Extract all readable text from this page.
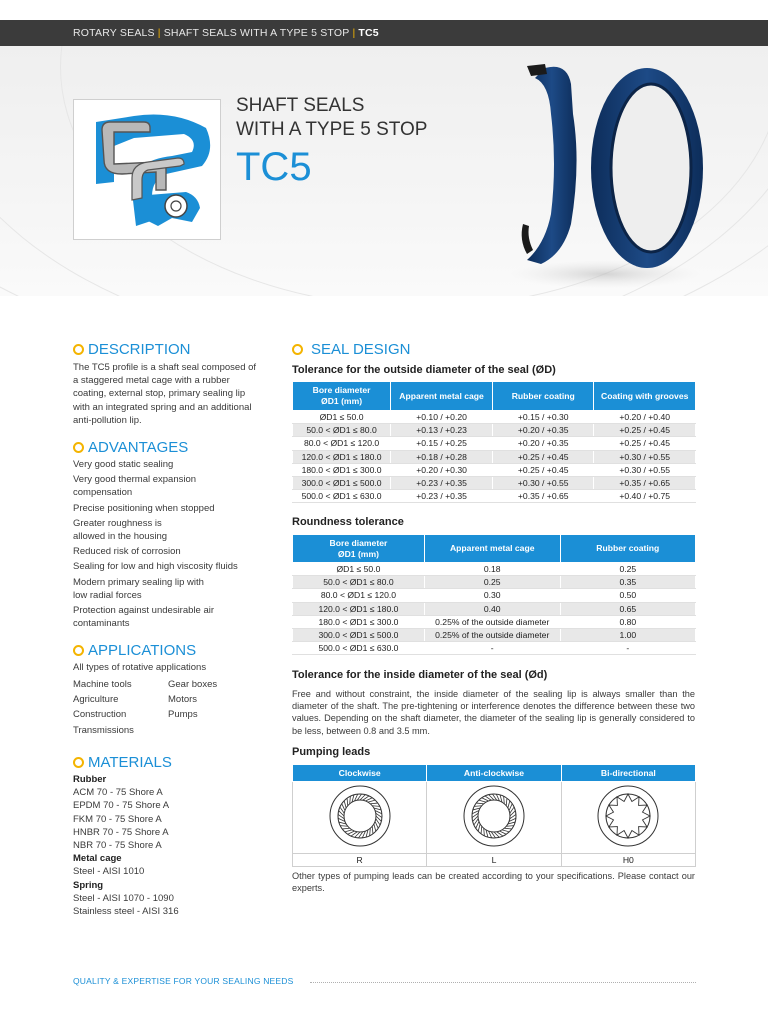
ROTARY SEALS | SHAFT SEALS WITH A TYPE 5 STOP | TC5
SHAFT SEALS
WITH A TYPE 5 STOP
TC5
DESCRIPTION
The TC5 profile is a shaft seal composed of a staggered metal cage with a rubber coating, external stop, primary sealing lip with an integrated spring and an additional anti-pollution lip.
ADVANTAGES
Very good static sealing
Very good thermal expansion compensation
Precise positioning when stopped
Greater roughness is allowed in the housing
Reduced risk of corrosion
Sealing for low and high viscosity fluids
Modern primary sealing lip with low radial forces
Protection against undesirable air contaminants
APPLICATIONS
All types of rotative applications
Machine tools	Gear boxes
Agriculture	Motors
Construction	Pumps
Transmissions
MATERIALS
Rubber
ACM 70 - 75 Shore A
EPDM 70 - 75 Shore A
FKM 70 - 75 Shore A
HNBR 70 - 75 Shore A
NBR 70 - 75 Shore A
Metal cage
Steel - AISI 1010
Spring
Steel - AISI 1070 - 1090
Stainless steel - AISI 316
SEAL DESIGN
Tolerance for the outside diameter of the seal (ØD)
Bore diameter
ØD1 (mm)	Apparent metal cage	Rubber coating	Coating with grooves
ØD1 ≤ 50.0	+0.10 / +0.20	+0.15 / +0.30	+0.20 / +0.40
50.0 < ØD1 ≤ 80.0	+0.13 / +0.23	+0.20 / +0.35	+0.25 / +0.45
80.0 < ØD1 ≤ 120.0	+0.15 / +0.25	+0.20 / +0.35	+0.25 / +0.45
120.0 < ØD1 ≤ 180.0	+0.18 / +0.28	+0.25 / +0.45	+0.30 / +0.55
180.0 < ØD1 ≤ 300.0	+0.20 / +0.30	+0.25 / +0.45	+0.30 / +0.55
300.0 < ØD1 ≤ 500.0	+0.23 / +0.35	+0.30 / +0.55	+0.35 / +0.65
500.0 < ØD1 ≤ 630.0	+0.23 / +0.35	+0.35 / +0.65	+0.40 / +0.75
Roundness tolerance
Bore diameter
ØD1 (mm)	Apparent metal cage	Rubber coating
ØD1 ≤ 50.0	0.18	0.25
50.0 < ØD1 ≤ 80.0	0.25	0.35
80.0 < ØD1 ≤ 120.0	0.30	0.50
120.0 < ØD1 ≤ 180.0	0.40	0.65
180.0 < ØD1 ≤ 300.0	0.25% of the outside diameter	0.80
300.0 < ØD1 ≤ 500.0	0.25% of the outside diameter	1.00
500.0 < ØD1 ≤ 630.0	-	-
Tolerance for the inside diameter of the seal (Ød)
Free and without constraint, the inside diameter of the sealing lip is always smaller than the diameter of the shaft. The pre-tightening or interference denotes the difference between these two values. Depending on the shaft diameter, the diameter of the sealing lip is generally considered to be less, between 0.8 and 3.5 mm.
Pumping leads
Clockwise	Anti-clockwise	Bi-directional

R	L	H0
Other types of pumping leads can be created according to your specifications. Please contact our experts.
QUALITY & EXPERTISE FOR YOUR SEALING NEEDS
